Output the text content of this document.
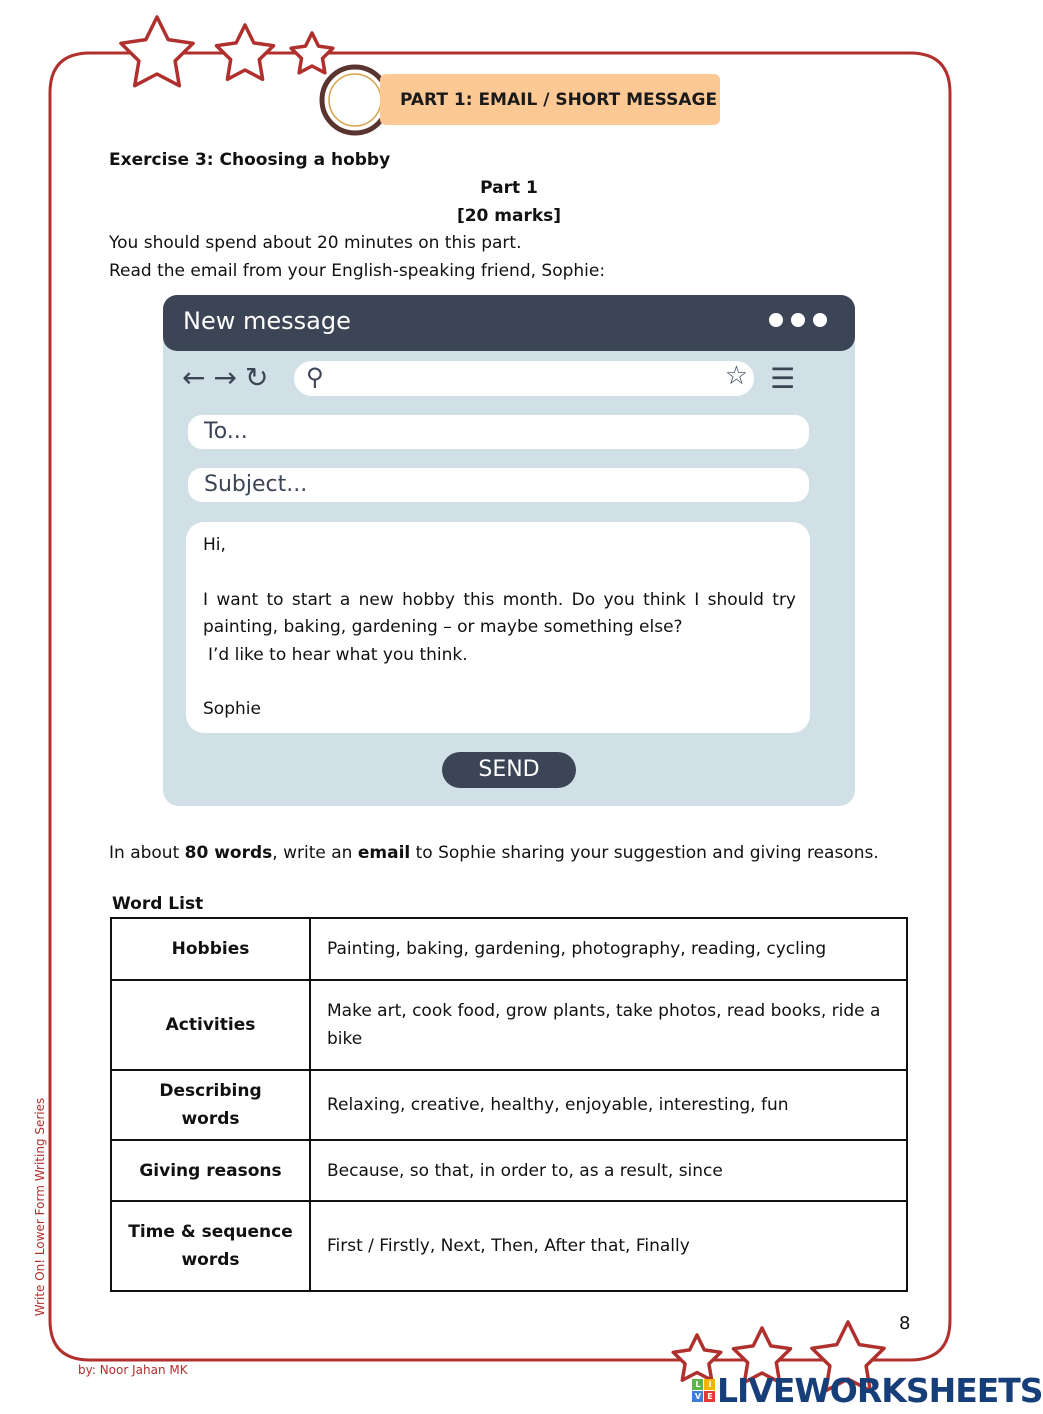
PART 1: EMAIL / SHORT MESSAGE
Exercise 3: Choosing a hobby
Part 1
[20 marks]
You should spend about 20 minutes on this part.
Read the email from your English-speaking friend, Sophie:
New message
← → ↻ ⚲	☆ ☰
To...
Subject...
Hi,
I want to start a new hobby this month. Do you think I should try painting, baking, gardening – or maybe something else?
I’d like to hear what you think.
Sophie
SEND
In about 80 words, write an email to Sophie sharing your suggestion and giving reasons.
Word List
Hobbies	Painting, baking, gardening, photography, reading, cycling
Activities	Make art, cook food, grow plants, take photos, read books, ride a bike
Describing words	Relaxing, creative, healthy, enjoyable, interesting, fun
Giving reasons	Because, so that, in order to, as a result, since
Time & sequence words	First / Firstly, Next, Then, After that, Finally
8
Write On! Lower Form Writing Series
by: Noor Jahan MK
L	I
V E LIVEWORKSHEETS
